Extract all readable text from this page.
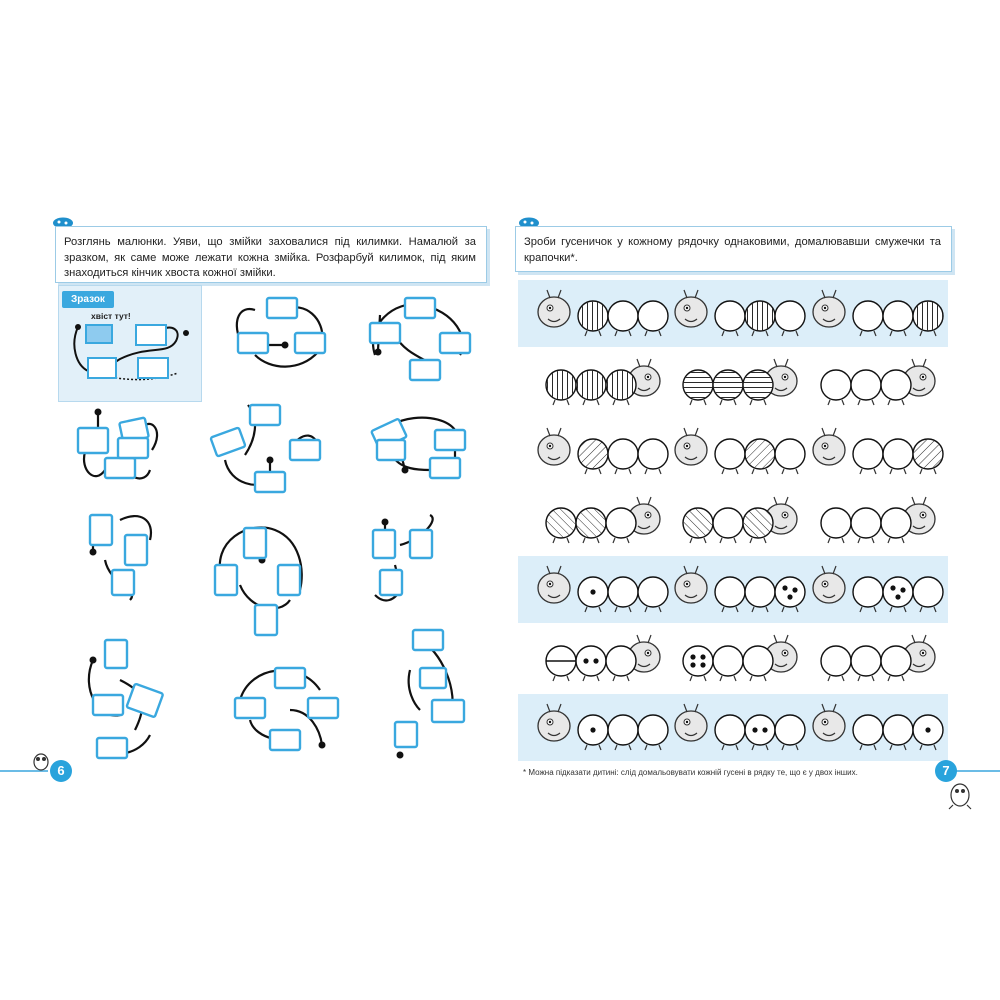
Розглянь малюнки. Уяви, що змійки заховалися під килимки. Намалюй за зразком, як саме може лежати кожна змійка. Розфарбуй килимок, під яким знаходиться кінчик хвоста кожної змійки.
Зразок
хвіст тут!
6
Зроби гусеничок у кожному рядочку однаковими, домалювавши смужечки та крапочки*.
* Можна підказати дитині: слід домальовувати кожній гусені в рядку те, що є у двох інших.	7
